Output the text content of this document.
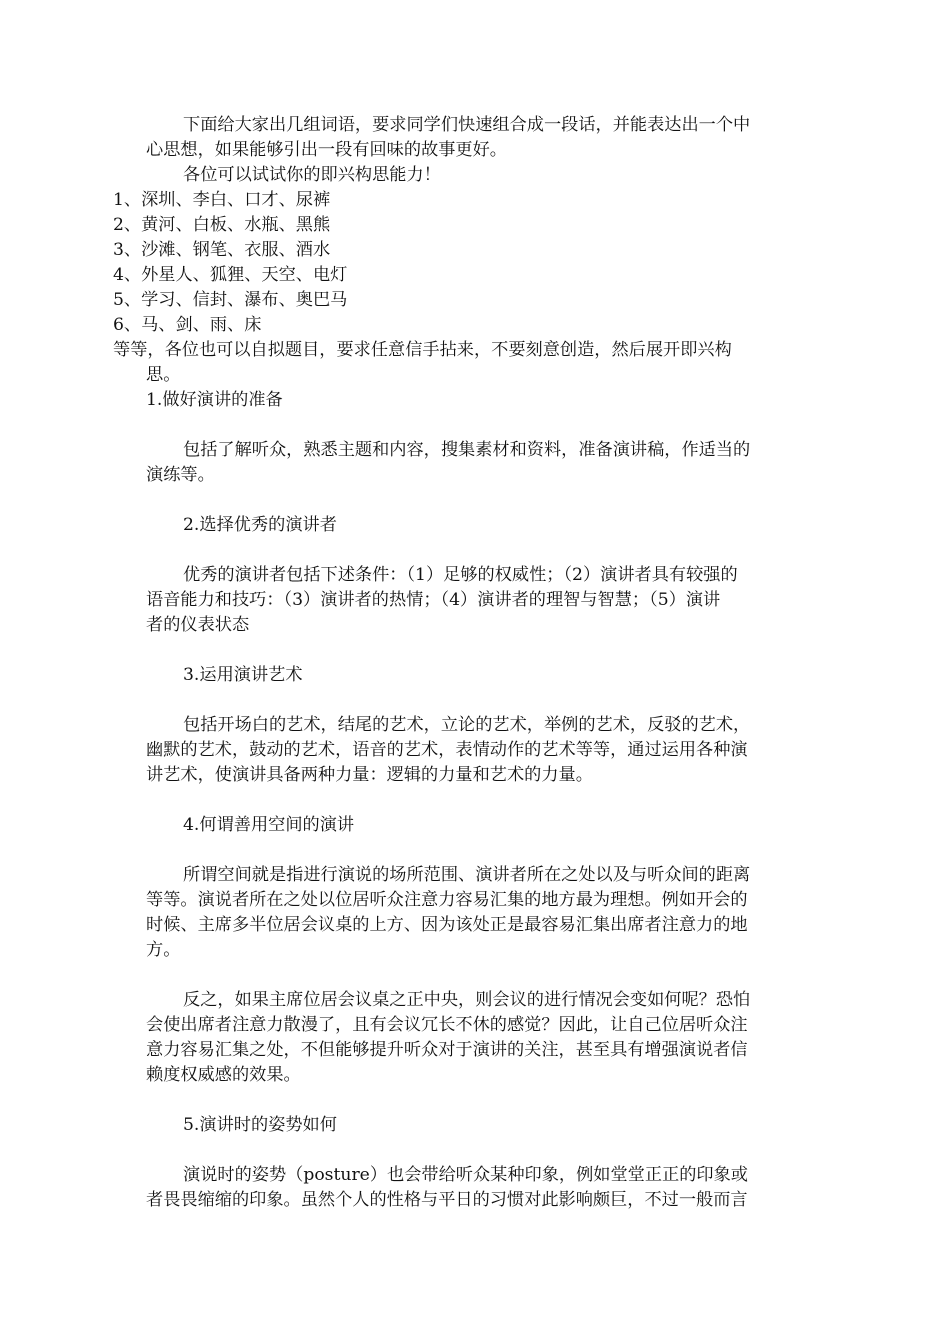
下面给大家出几组词语，要求同学们快速组合成一段话，并能表达出一个中
心思想，如果能够引出一段有回味的故事更好。
各位可以试试你的即兴构思能力！
1、深圳、李白、口才、尿裤
2、黄河、白板、水瓶、黑熊
3、沙滩、钢笔、衣服、酒水
4、外星人、狐狸、天空、电灯
5、学习、信封、瀑布、奥巴马
6、马、剑、雨、床
等等，各位也可以自拟题目，要求任意信手拈来，不要刻意创造，然后展开即兴构
思。
1.做好演讲的准备
包括了解听众，熟悉主题和内容，搜集素材和资料，准备演讲稿，作适当的
演练等。
2.选择优秀的演讲者
优秀的演讲者包括下述条件：（1）足够的权威性；（2）演讲者具有较强的
语音能力和技巧：（3）演讲者的热情；（4）演讲者的理智与智慧；（5）演讲
者的仪表状态
3.运用演讲艺术
包括开场白的艺术，结尾的艺术，立论的艺术，举例的艺术，反驳的艺术，
幽默的艺术，鼓动的艺术，语音的艺术，表情动作的艺术等等，通过运用各种演
讲艺术，使演讲具备两种力量：逻辑的力量和艺术的力量。
4.何谓善用空间的演讲
所谓空间就是指进行演说的场所范围、演讲者所在之处以及与听众间的距离
等等。演说者所在之处以位居听众注意力容易汇集的地方最为理想。例如开会的
时候、主席多半位居会议桌的上方、因为该处正是最容易汇集出席者注意力的地
方。
反之，如果主席位居会议桌之正中央，则会议的进行情况会变如何呢？恐怕
会使出席者注意力散漫了，且有会议冗长不休的感觉？因此，让自己位居听众注
意力容易汇集之处，不但能够提升听众对于演讲的关注，甚至具有增强演说者信
赖度权威感的效果。
5.演讲时的姿势如何
演说时的姿势（posture）也会带给听众某种印象，例如堂堂正正的印象或
者畏畏缩缩的印象。虽然个人的性格与平日的习惯对此影响颇巨，不过一般而言
